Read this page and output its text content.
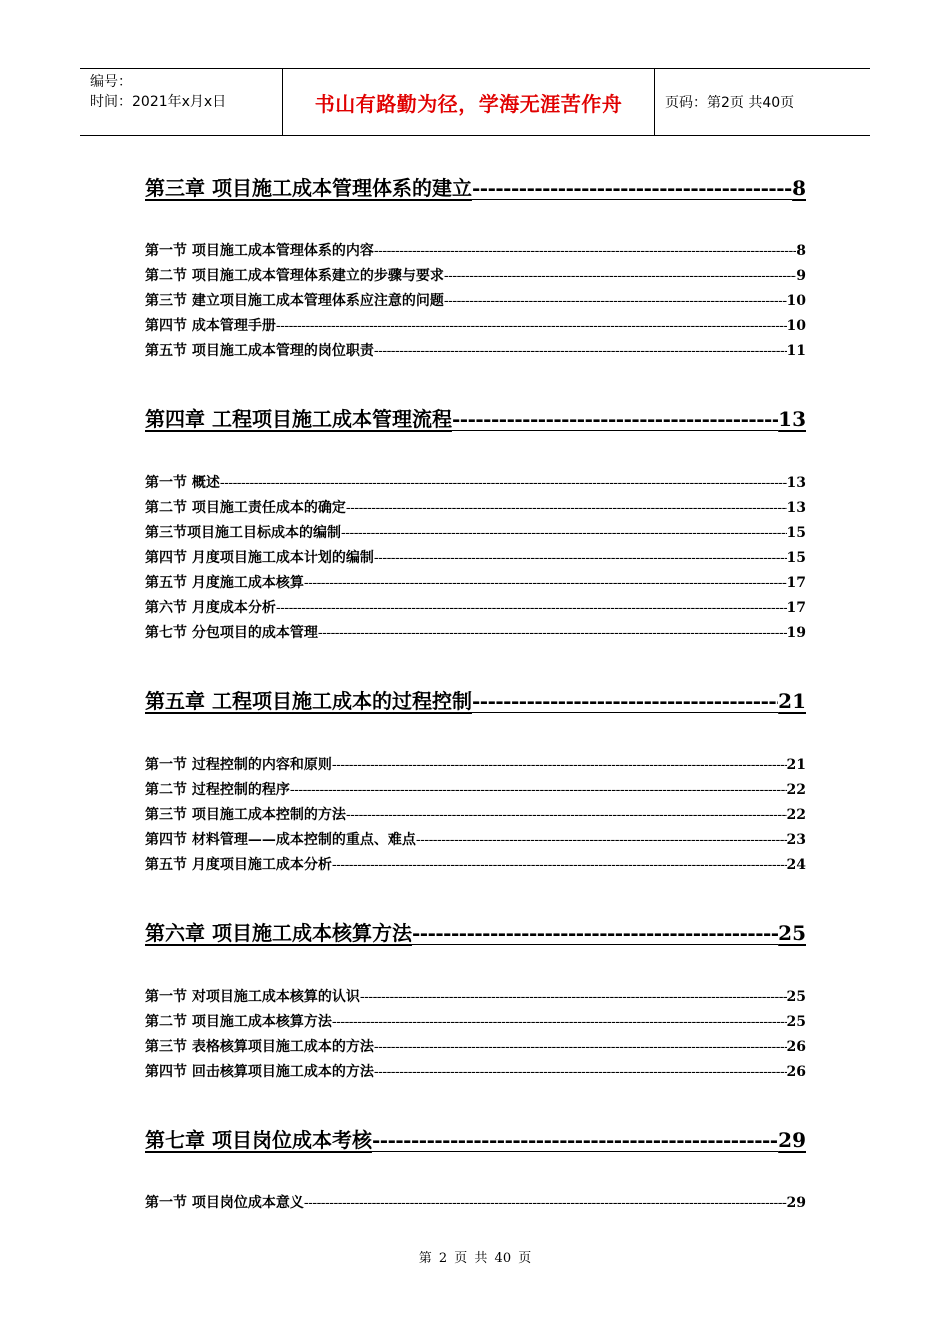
编号：
时间：2021年x月x日	书山有路勤为径，学海无涯苦作舟	页码：第2页 共40页
第三章 项目施工成本管理体系的建立 -----	8
第一节 项目施工成本管理体系的内容 -----	8
第二节 项目施工成本管理体系建立的步骤与要求 -----	9
第三节 建立项目施工成本管理体系应注意的问题 -----	10
第四节 成本管理手册 -----	10
第五节 项目施工成本管理的岗位职责 -----	11
第四章 工程项目施工成本管理流程 -----	13
第一节 概述 -----	13
第二节 项目施工责任成本的确定 -----	13
第三节项目施工目标成本的编制 -----	15
第四节 月度项目施工成本计划的编制 -----	15
第五节 月度施工成本核算 -----	17
第六节 月度成本分析 -----	17
第七节 分包项目的成本管理 -----	19
第五章 工程项目施工成本的过程控制 -----	21
第一节 过程控制的内容和原则 -----	21
第二节 过程控制的程序 -----	22
第三节 项目施工成本控制的方法 -----	22
第四节 材料管理——成本控制的重点、难点 -----	23
第五节 月度项目施工成本分析 -----	24
第六章 项目施工成本核算方法 -----	25
第一节 对项目施工成本核算的认识 -----	25
第二节 项目施工成本核算方法 -----	25
第三节 表格核算项目施工成本的方法 -----	26
第四节 回击核算项目施工成本的方法 -----	26
第七章 项目岗位成本考核 -----	29
第一节 项目岗位成本意义 -----	29
第 2 页 共 40 页
